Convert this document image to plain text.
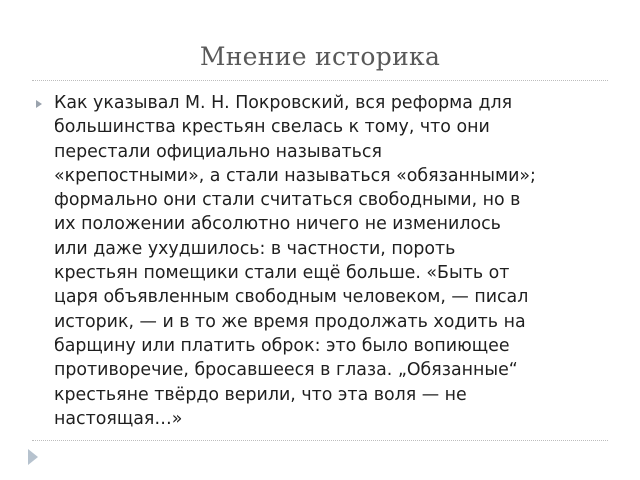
Мнение историка

Как указывал М. Н. Покровский, вся реформа для
большинства крестьян свелась к тому, что они
перестали официально называться
«крепостными», а стали называться «обязанными»;
формально они стали считаться свободными, но в
их положении абсолютно ничего не изменилось
или даже ухудшилось: в частности, пороть
крестьян помещики стали ещё больше. «Быть от
царя объявленным свободным человеком, — писал
историк, — и в то же время продолжать ходить на
барщину или платить оброк: это было вопиющее
противоречие, бросавшееся в глаза. „Обязанные“
крестьяне твёрдо верили, что эта воля — не
настоящая…»
